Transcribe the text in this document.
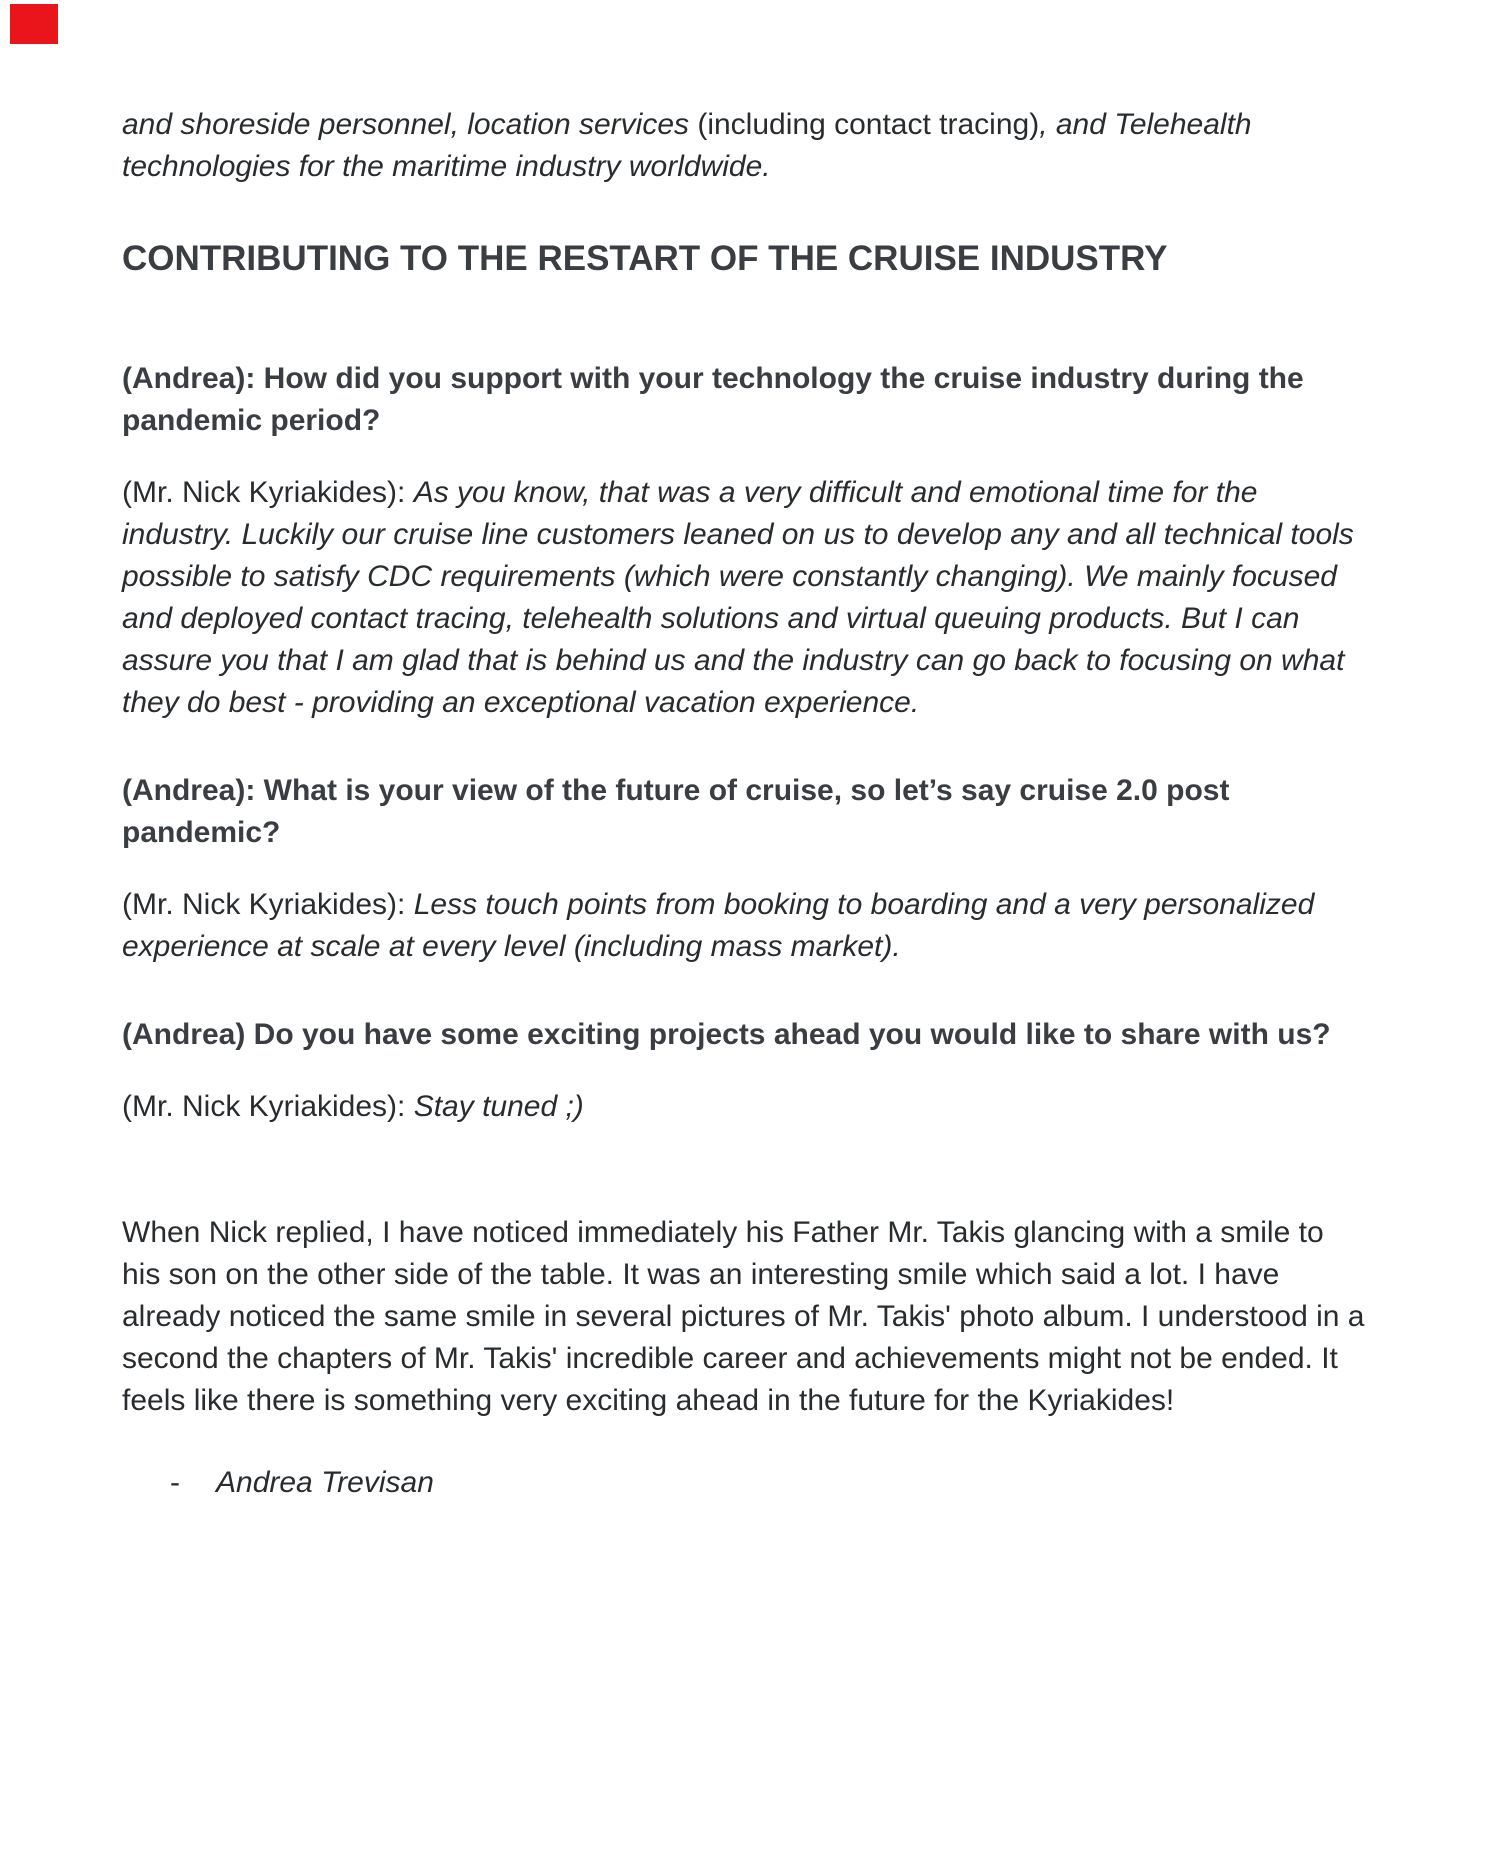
and shoreside personnel, location services (including contact tracing), and Telehealth technologies for the maritime industry worldwide.

CONTRIBUTING TO THE RESTART OF THE CRUISE INDUSTRY

(Andrea): How did you support with your technology the cruise industry during the pandemic period?

(Mr. Nick Kyriakides): As you know, that was a very difficult and emotional time for the industry. Luckily our cruise line customers leaned on us to develop any and all technical tools possible to satisfy CDC requirements (which were constantly changing). We mainly focused and deployed contact tracing, telehealth solutions and virtual queuing products. But I can assure you that I am glad that is behind us and the industry can go back to focusing on what they do best - providing an exceptional vacation experience.

(Andrea): What is your view of the future of cruise, so let’s say cruise 2.0 post pandemic?

(Mr. Nick Kyriakides): Less touch points from booking to boarding and a very personalized experience at scale at every level (including mass market).

(Andrea) Do you have some exciting projects ahead you would like to share with us?

(Mr. Nick Kyriakides): Stay tuned ;)

When Nick replied, I have noticed immediately his Father Mr. Takis glancing with a smile to his son on the other side of the table. It was an interesting smile which said a lot. I have already noticed the same smile in several pictures of Mr. Takis' photo album. I understood in a second the chapters of Mr. Takis' incredible career and achievements might not be ended. It feels like there is something very exciting ahead in the future for the Kyriakides!

- Andrea Trevisan
